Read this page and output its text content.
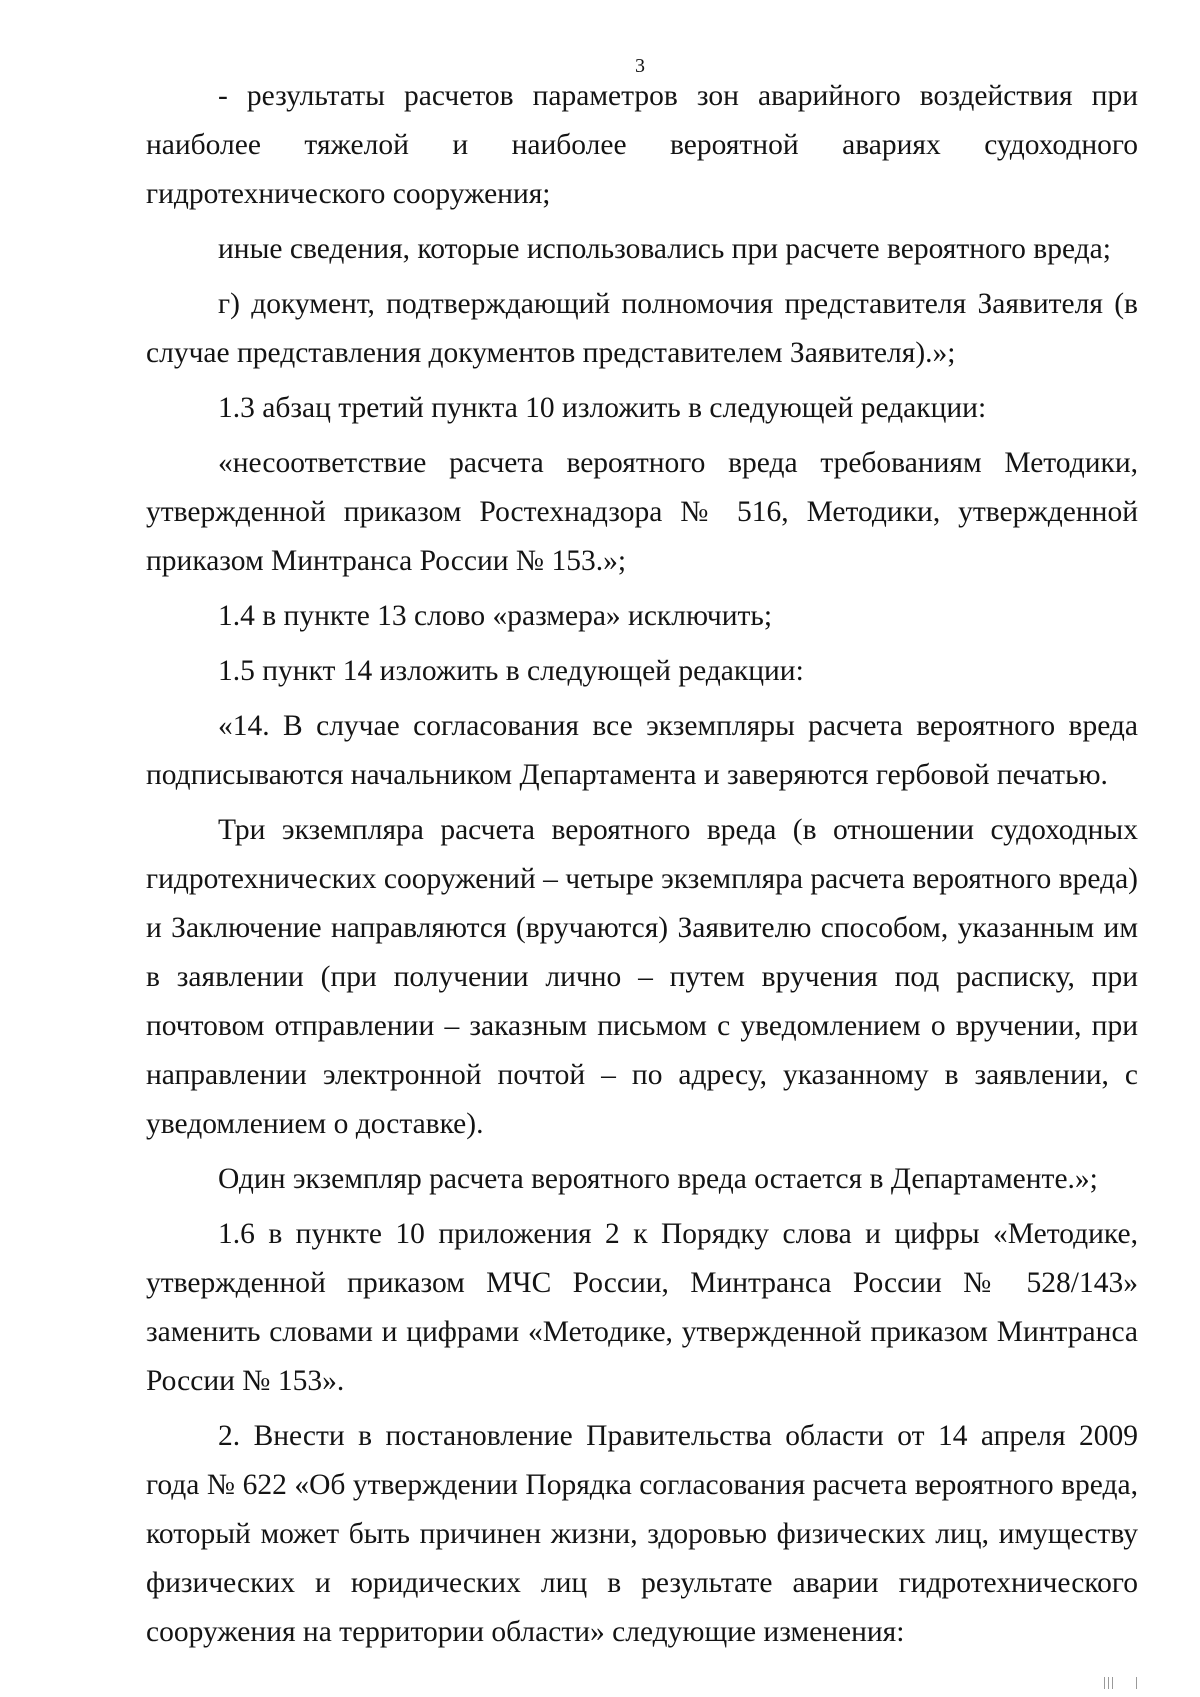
3

- результаты расчетов параметров зон аварийного воздействия при наиболее тяжелой и наиболее вероятной авариях судоходного гидротехнического сооружения;

иные сведения, которые использовались при расчете вероятного вреда;

г) документ, подтверждающий полномочия представителя Заявителя (в случае представления документов представителем Заявителя).»;

1.3 абзац третий пункта 10 изложить в следующей редакции:

«несоответствие расчета вероятного вреда требованиям Методики, утвержденной приказом Ростехнадзора № 516, Методики, утвержденной приказом Минтранса России № 153.»;

1.4 в пункте 13 слово «размера» исключить;

1.5 пункт 14 изложить в следующей редакции:

«14. В случае согласования все экземпляры расчета вероятного вреда подписываются начальником Департамента и заверяются гербовой печатью.

Три экземпляра расчета вероятного вреда (в отношении судоходных гидротехнических сооружений – четыре экземпляра расчета вероятного вреда) и Заключение направляются (вручаются) Заявителю способом, указанным им в заявлении (при получении лично – путем вручения под расписку, при почтовом отправлении – заказным письмом с уведомлением о вручении, при направлении электронной почтой – по адресу, указанному в заявлении, с уведомлением о доставке).

Один экземпляр расчета вероятного вреда остается в Департаменте.»;

1.6 в пункте 10 приложения 2 к Порядку слова и цифры «Методике, утвержденной приказом МЧС России, Минтранса России № 528/143» заменить словами и цифрами «Методике, утвержденной приказом Минтранса России № 153».

2. Внести в постановление Правительства области от 14 апреля 2009 года № 622 «Об утверждении Порядка согласования расчета вероятного вреда, который может быть причинен жизни, здоровью физических лиц, имуществу физических и юридических лиц в результате аварии гидротехнического сооружения на территории области» следующие изменения:
